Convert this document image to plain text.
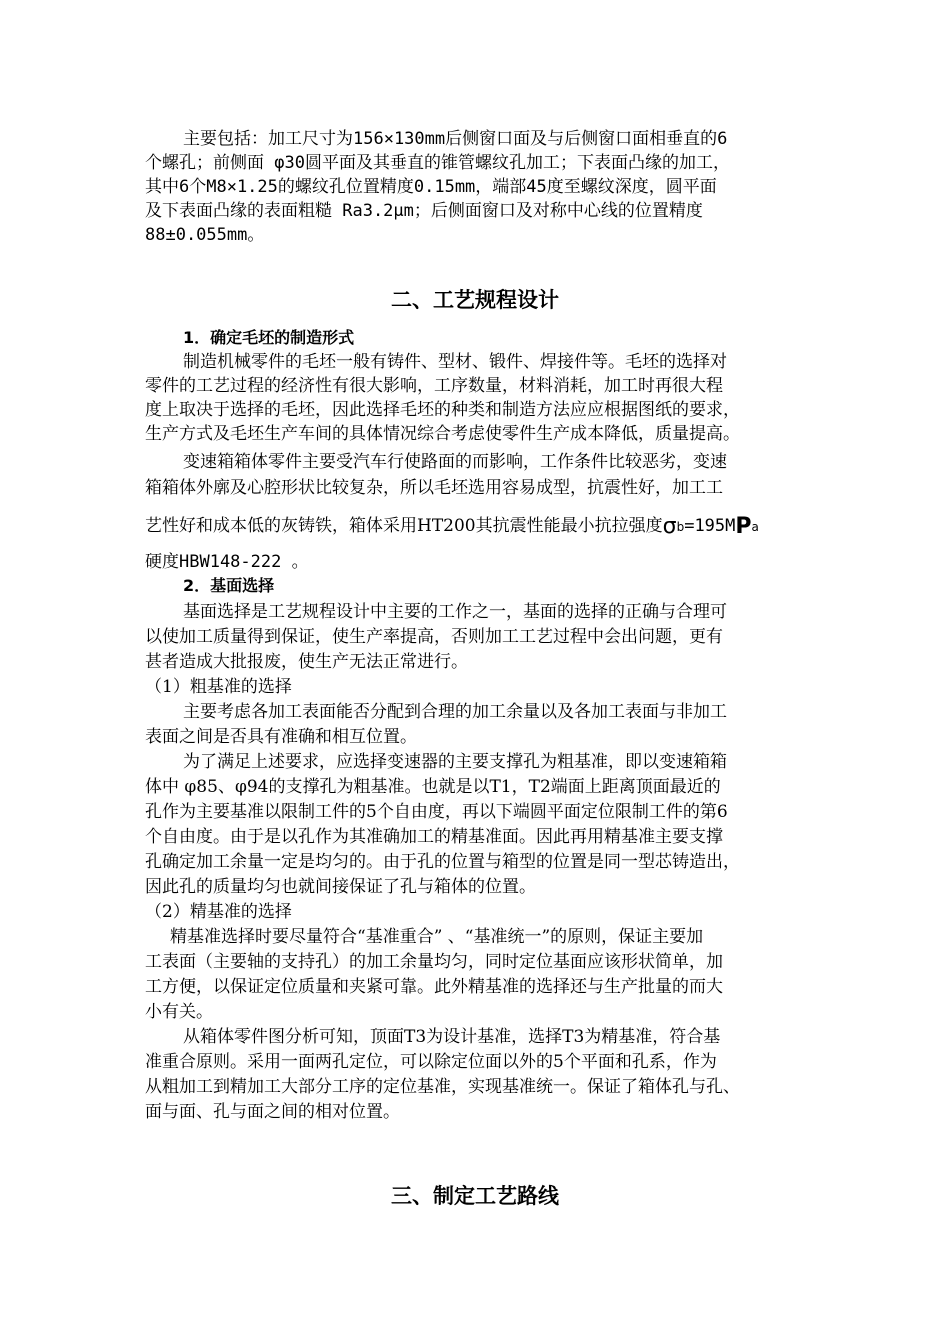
主要包括：加工尺寸为156×130mm后侧窗口面及与后侧窗口面相垂直的6
个螺孔；前侧面 φ30圆平面及其垂直的锥管螺纹孔加工；下表面凸缘的加工，
其中6个M8×1.25的螺纹孔位置精度0.15mm，端部45度至螺纹深度，圆平面
及下表面凸缘的表面粗糙 Ra3.2μm；后侧面窗口及对称中心线的位置精度
88±0.055mm。
二、工艺规程设计
1．确定毛坯的制造形式
制造机械零件的毛坯一般有铸件、型材、锻件、焊接件等。毛坯的选择对
零件的工艺过程的经济性有很大影响，工序数量，材料消耗，加工时再很大程
度上取决于选择的毛坯，因此选择毛坯的种类和制造方法应应根据图纸的要求，
生产方式及毛坯生产车间的具体情况综合考虑使零件生产成本降低，质量提高。
变速箱箱体零件主要受汽车行使路面的而影响，工作条件比较恶劣，变速
箱箱体外廓及心腔形状比较复杂，所以毛坯选用容易成型，抗震性好，加工工
艺性好和成本低的灰铸铁，箱体采用HT200其抗震性能最小抗拉强度σb=195MPa
硬度HBW148-222 。
2．基面选择
基面选择是工艺规程设计中主要的工作之一，基面的选择的正确与合理可
以使加工质量得到保证，使生产率提高，否则加工工艺过程中会出问题，更有
甚者造成大批报废，使生产无法正常进行。
（1）粗基准的选择
主要考虑各加工表面能否分配到合理的加工余量以及各加工表面与非加工
表面之间是否具有准确和相互位置。
为了满足上述要求，应选择变速器的主要支撑孔为粗基准，即以变速箱箱
体中 φ85、φ94的支撑孔为粗基准。也就是以T1，T2端面上距离顶面最近的
孔作为主要基准以限制工件的5个自由度，再以下端圆平面定位限制工件的第6
个自由度。由于是以孔作为其准确加工的精基准面。因此再用精基准主要支撑
孔确定加工余量一定是均匀的。由于孔的位置与箱型的位置是同一型芯铸造出，
因此孔的质量均匀也就间接保证了孔与箱体的位置。
（2）精基准的选择
精基准选择时要尽量符合“基准重合” 、“基准统一”的原则，保证主要加
工表面（主要轴的支持孔）的加工余量均匀，同时定位基面应该形状简单，加
工方便，以保证定位质量和夹紧可靠。此外精基准的选择还与生产批量的而大
小有关。
从箱体零件图分析可知，顶面T3为设计基准，选择T3为精基准，符合基
准重合原则。采用一面两孔定位，可以除定位面以外的5个平面和孔系，作为
从粗加工到精加工大部分工序的定位基准，实现基准统一。保证了箱体孔与孔、
面与面、孔与面之间的相对位置。
三、制定工艺路线
